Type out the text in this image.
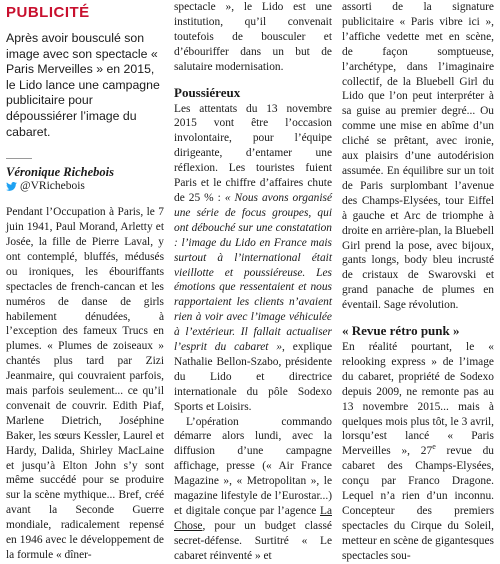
PUBLICITÉ

Après avoir bousculé son image avec son spectacle « Paris Merveilles » en 2015, le Lido lance une campagne publicitaire pour dépoussiérer l’image du cabaret.

Véronique Richebois

@VRichebois

Pendant l’Occupation à Paris, le 7 juin 1941, Paul Morand, Arletty et Josée, la fille de Pierre Laval, y ont contemplé, bluffés, médusés ou ironiques, les ébouriffants spectacles de french-cancan et les numéros de danse de girls habilement dénudées, à l’exception des fameux Trucs en plumes. « Plumes de zoiseaux » chantés plus tard par Zizi Jeanmaire, qui couvraient parfois, mais parfois seulement... ce qu’il convenait de couvrir. Edith Piaf, Marlene Dietrich, Joséphine Baker, les sœurs Kessler, Laurel et Hardy, Dalida, Shirley MacLaine et jusqu’à Elton John s’y sont même succédé pour se produire sur la scène mythique... Bref, créé avant la Seconde Guerre mondiale, radicalement repensé en 1946 avec le développement de la formule « dîner-

spectacle », le Lido est une institution, qu’il convenait toutefois de bousculer et d’ébouriffer dans un but de salutaire modernisation.

Poussiéreux

Les attentats du 13 novembre 2015 vont être l’occasion involontaire, pour l’équipe dirigeante, d’entamer une réflexion. Les touristes fuient Paris et le chiffre d’affaires chute de 25 % : « Nous avons organisé une série de focus groupes, qui ont débouché sur une constatation : l’image du Lido en France mais surtout à l’international était vieillotte et poussiéreuse. Les émotions que ressentaient et nous rapportaient les clients n’avaient rien à voir avec l’image véhiculée à l’extérieur. Il fallait actualiser l’esprit du cabaret », explique Nathalie Bellon-Szabo, présidente du Lido et directrice internationale du pôle Sodexo Sports et Loisirs.

L’opération commando démarre alors lundi, avec la diffusion d’une campagne affichage, presse (« Air France Magazine », « Metropolitan », le magazine lifestyle de l’Eurostar...) et digitale conçue par l’agence La Chose, pour un budget classé secret-défense. Surtitré « Le cabaret réinventé » et

assorti de la signature publicitaire « Paris vibre ici », l’affiche vedette met en scène, de façon somptueuse, l’archétype, dans l’imaginaire collectif, de la Bluebell Girl du Lido que l’on peut interpréter à sa guise au premier degré... Ou comme une mise en abîme d’un cliché se prêtant, avec ironie, aux plaisirs d’une autodérision assumée. En équilibre sur un toit de Paris surplombant l’avenue des Champs-Elysées, tour Eiffel à gauche et Arc de triomphe à droite en arrière-plan, la Bluebell Girl prend la pose, avec bijoux, gants longs, body bleu incrusté de cristaux de Swarovski et grand panache de plumes en éventail. Sage révolution.

« Revue rétro punk »

En réalité pourtant, le « relooking express » de l’image du cabaret, propriété de Sodexo depuis 2009, ne remonte pas au 13 novembre 2015... mais à quelques mois plus tôt, le 3 avril, lorsqu’est lancé « Paris Merveilles », 27e revue du cabaret des Champs-Elysées, conçu par Franco Dragone. Lequel n’a rien d’un inconnu. Concepteur des premiers spectacles du Cirque du Soleil, metteur en scène de gigantesques spectacles sou-
